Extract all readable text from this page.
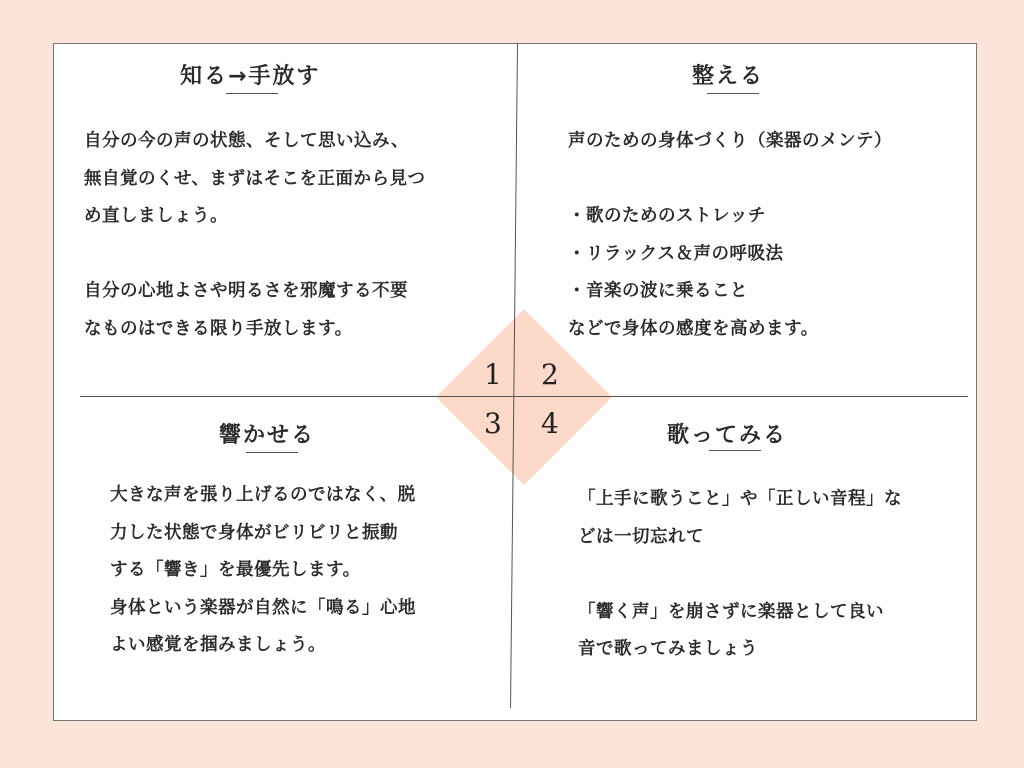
1 2
3 4
知る→手放す
自分の今の声の状態、そして思い込み、
無自覚のくせ、まずはそこを正面から見つ
め直しましょう。
自分の心地よさや明るさを邪魔する不要
なものはできる限り手放します。
整える
声のための身体づくり（楽器のメンテ）
・歌のためのストレッチ
・リラックス＆声の呼吸法
・音楽の波に乗ること
などで身体の感度を高めます。
響かせる
大きな声を張り上げるのではなく、脱
力した状態で身体がビリビリと振動
する「響き」を最優先します。
身体という楽器が自然に「鳴る」心地
よい感覚を掴みましょう。
歌ってみる
「上手に歌うこと」や「正しい音程」な
どは一切忘れて
「響く声」を崩さずに楽器として良い
音で歌ってみましょう
